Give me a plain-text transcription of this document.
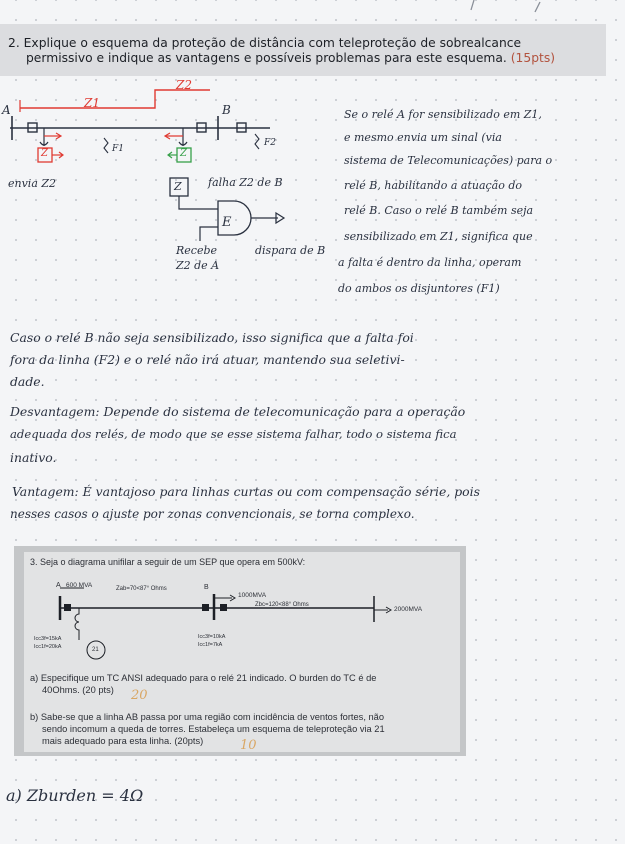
2. Explique o esquema da proteção de distância com teleproteção de sobrealcance
permissivo e indique as vantagens e possíveis problemas para este esquema. (15pts)
A	B
Z1
Z2
F1
F2
Z	Z
Z
E
envia Z2	falha Z2 de B
Recebe
Z2 de A
dispara de B
Se o relé A for sensibilizado em Z1,
e mesmo envia um sinal (via
sistema de Telecomunicações) para o
relé B, habilitando a atuação do
relé B. Caso o relé B também seja
sensibilizado em Z1, significa que
a falta é dentro da linha, operam
do ambos os disjuntores (F1)
Caso o relé B não seja sensibilizado, isso significa que a falta foi
fora da linha (F2) e o relé não irá atuar, mantendo sua seletivi-
dade.
Desvantagem: Depende do sistema de telecomunicação para a operação
adequada dos relés, de modo que se esse sistema falhar, todo o sistema fica
inativo.
Vantagem: É vantajoso para linhas curtas ou com compensação série, pois
nesses casos o ajuste por zonas convencionais, se torna complexo.
3. Seja o diagrama unifilar a seguir de um SEP que opera em 500kV:
A 600 MVA	Zab=70<87° Ohms	B
1000MVA
Zbc=120<88° Ohms
2000MVA
Icc3f=15kA
Icc1f=20kA	21
Icc3f=10kA
Icc1f=7kA
a) Especifique um TC ANSI adequado para o relé 21 indicado. O burden do TC é de
40Ohms. (20 pts)	20
b) Sabe-se que a linha AB passa por uma região com incidência de ventos fortes, não
sendo incomum a queda de torres. Estabeleça um esquema de teleproteção via 21
mais adequado para esta linha. (20pts)	10
a) Zburden = 4Ω
